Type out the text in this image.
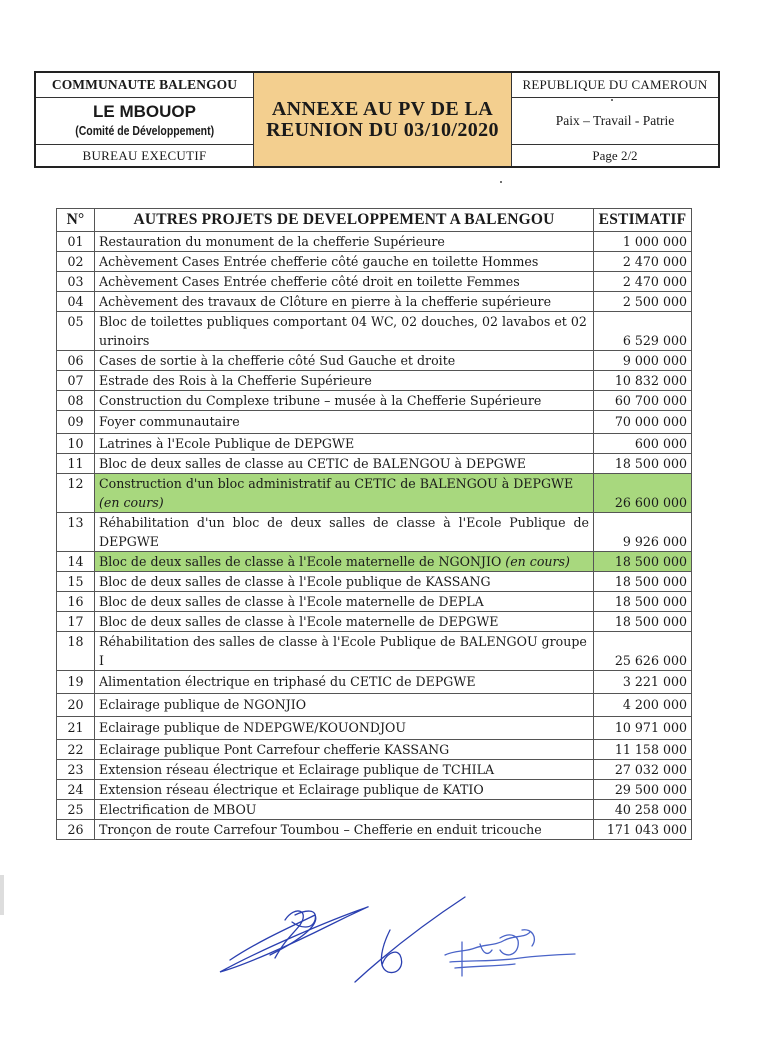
COMMUNAUTE BALENGOU
LE MBOUOP
(Comité de Développement)
BUREAU EXECUTIF
ANNEXE AU PV DE LA
REUNION DU 03/10/2020
REPUBLIQUE DU CAMEROUN
Paix – Travail - Patrie
Page 2/2
N°	AUTRES PROJETS DE DEVELOPPEMENT A BALENGOU	ESTIMATIF
01	Restauration du monument de la chefferie Supérieure	1 000 000
02	Achèvement Cases Entrée chefferie côté gauche en toilette Hommes	2 470 000
03	Achèvement Cases Entrée chefferie côté droit en toilette Femmes	2 470 000
04	Achèvement des travaux de Clôture en pierre à la chefferie supérieure	2 500 000
05	Bloc de toilettes publiques comportant 04 WC, 02 douches, 02 lavabos et 02 urinoirs	6 529 000
06	Cases de sortie à la chefferie côté Sud Gauche et droite	9 000 000
07	Estrade des Rois à la Chefferie Supérieure	10 832 000
08	Construction du Complexe tribune – musée à la Chefferie Supérieure	60 700 000
09	Foyer communautaire	70 000 000
10	Latrines à l'Ecole Publique de DEPGWE	600 000
11	Bloc de deux salles de classe au CETIC de BALENGOU à DEPGWE	18 500 000
12	Construction d'un bloc administratif au CETIC de BALENGOU à DEPGWE (en cours)	26 600 000
13	Réhabilitation d'un bloc de deux salles de classe à l'Ecole Publique de DEPGWE	9 926 000
14	Bloc de deux salles de classe à l'Ecole maternelle de NGONJIO (en cours)	18 500 000
15	Bloc de deux salles de classe à l'Ecole publique de KASSANG	18 500 000
16	Bloc de deux salles de classe à l'Ecole maternelle de DEPLA	18 500 000
17	Bloc de deux salles de classe à l'Ecole maternelle de DEPGWE	18 500 000
18	Réhabilitation des salles de classe à l'Ecole Publique de BALENGOU groupe I	25 626 000
19	Alimentation électrique en triphasé du CETIC de DEPGWE	3 221 000
20	Eclairage publique de NGONJIO	4 200 000
21	Eclairage publique de NDEPGWE/KOUONDJOU	10 971 000
22	Eclairage publique Pont Carrefour chefferie KASSANG	11 158 000
23	Extension réseau électrique et Eclairage publique de TCHILA	27 032 000
24	Extension réseau électrique et Eclairage publique de KATIO	29 500 000
25	Electrification de MBOU	40 258 000
26	Tronçon de route Carrefour Toumbou – Chefferie en enduit tricouche	171 043 000
